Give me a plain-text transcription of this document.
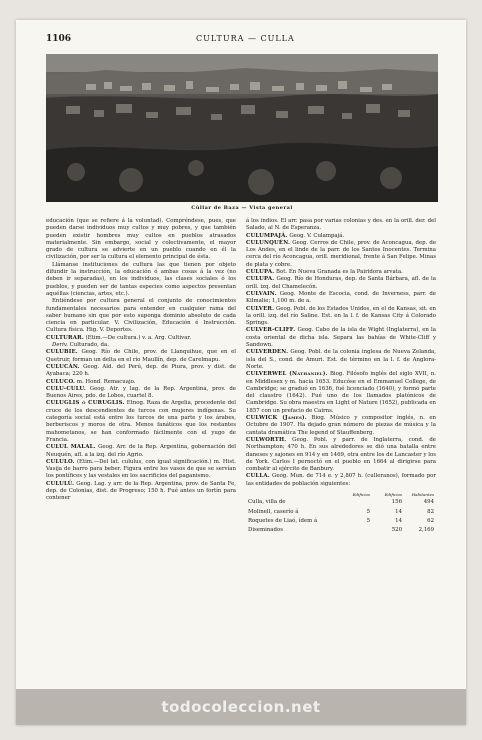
1106	CULTURA — CULLA
Cúllar de Baza — Vista general

educación (que se refiere á la voluntad). Compréndese, pues, que pueden darse individuos muy cultos y muy pobres, y que también pueden existir hombres muy cultos en pueblos atrasados materialmente. Sin embargo, social y colectivamente, el mayor grado de cultura se advierte en un pueblo cuando en él la civilización, por ser la cultura el elemento principal de ésta.

Llámanse instituciones de cultura las que tienen por objeto difundir la instrucción, la educación ó ambas cosas á la vez (no deben ir separadas), en los individuos, las clases sociales ó los pueblos, y pueden ser de tantas especies como aspectos presentan aquéllas (ciencias, artes, etc.).

Entiéndese por cultura general el conjunto de conocimientos fundamentales necesarios para entender en cualquier rama del saber humano sin que por esto suponga dominio absoluto de cada ciencia en particular. V. Civilización, Educación é Instrucción. Cultura física. Hig. V. Deportes.

CULTURAR. (Etim.—De cultura.) v. a. Arg. Cultivar.

Deriv. Culturado, da.

CULUBIE. Geog. Río de Chile, prov. de Llanquihue, que en el Quetruir, forman un delta en el río Maullín, dep. de Carelmapu.

CULUCÁN. Geog. Ald. del Perú, dep. de Piura, prov. y dist. de Ayabaca; 220 h.

CULUCO. m. Hond. Remacuajo.

CULU-CULU. Geog. Atr. y lag. de la Rep. Argentina, prov. de Buenos Aires, pdo. de Lobos, cuartel 8.

CULUGLIS ó CURUGLIS. Etnog. Raza de Argelia, procedente del cruce de los descendientes de turcos con mujeres indígenas. Su categoría social está entre los turcos de una parte y los árabes, berberiscos y moros de otra. Menos fanáticos que los restantes mahometanos, se han conformado fácilmente con el yugo de Francia.

CULUL MALAL. Geog. Arr. de la Rep. Argentina, gobernación del Neuquén, afl. a la izq. del río Agrio.

CULULO. (Etim.—Del lat. cululus, con igual significación.) m. Hist. Vasija de barro para beber. Figura entre los vasos de que se servían los pontífices y las vestales en los sacrificios del paganismo.

CULULÚ. Geog. Lag. y arr. de la Rep. Argentina, prov. de Santa Fe, dep. de Colonias, dist. de Progreso; 150 h. Fué antes un fortín para contener

á los indios. El arr. pasa por varias colonias y des. en la orill. der. del Salado, al N. de Esperanza.

CULUMPAJÁ. Geog. V. Culampajá.

CULUNQUÉN. Geog. Cerros de Chile, prov. de Aconcagua, dep. de Los Andes, en el linde de la parr. de los Santos Inocentes. Termina cerca del río Aconcagua, orill. meridional, frente á San Felipe. Minas de plata y cobre.

CULUPA. Bot. En Nueva Granada es la Pairidora arvata.

CULUPA. Geog. Río de Honduras, dep. de Santa Bárbara, afl. de la orill. izq. del Chamelecón.

CULVAIN. Geog. Monte de Escocia, cond. de Inverness, parr. de Kilmalie; 1,100 m. de a.

CULVER. Geog. Pobl. de los Estados Unidos, en el de Kansas, sit. en la orill. izq. del río Saline. Est. en la l. f. de Kansas City á Colorado Springs.

CULVER-CLIFF. Geog. Cabo de la isla de Wight (Inglaterra), en la costa oriental de dicha isla. Separa las bahías de White-Cliff y Sandown.

CULVERDEN. Geog. Pobl. de la colonia inglesa de Nueva Zelanda, isla del S., cond. de Amuri. Est. de término en la l. f. de Anglora-Norte.

CULVERWEL (Nathaniel). Biog. Filósofo inglés del siglo XVII, n. en Middlesex y m. hacia 1653. Educóse en el Emmanuel College, de Cambridge; se graduó en 1636, fué licenciado (1640), y formó parte del claustro (1642). Fué uno de los llamados platónicos de Cambridge. Su obra maestra en Light of Nature (1652), publicada en 1857 con un prefacio de Cairns.

CULWICK (James). Biog. Músico y compositor inglés, n. en Octubre de 1907. Ha dejado gran número de piezas de música y la cantata dramática The legend of Stauffenberg.

CULWORTH. Geog. Pobl. y parr. de Inglaterra, cond. de Northampton; 470 h. En sus alrededores se dió una batalla entre daneses y sajones en 914 y en 1469, otra entre los de Lancaster y los de York. Carlos I pernoctó en el pueblo en 1664 al dirigirse para combatir al ejército de Banbury.

CULLA. Geog. Mun. de 714 e. y 2,807 h. (culleranos), formado por las entidades de población siguientes:

	Edificios	Edificios	Habitantes
Culla, villa de		156	494
Molinell, caserío á	5	14	82
Roquetes de Liaó, ídem á	5	14	62
Diseminados		520	2,169
todocoleccion.net
